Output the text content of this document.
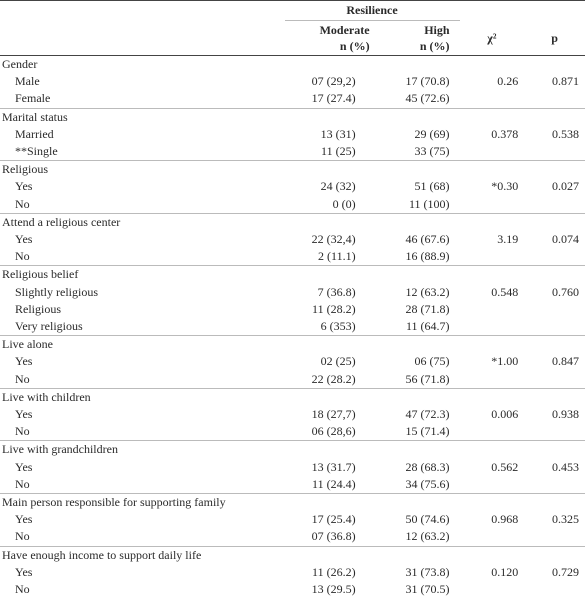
	Resilience			

	Moderate
n (%)	High
n (%)	χ²	p
Gender				
Male	07 (29,2)	17 (70.8)	0.26	0.871
Female	17 (27.4)	45 (72.6)		
Marital status				
Married	13 (31)	29 (69)	0.378	0.538
**Single	11 (25)	33 (75)		
Religious				
Yes	24 (32)	51 (68)	*0.30	0.027
No	0 (0)	11 (100)		
Attend a religious center				
Yes	22 (32,4)	46 (67.6)	3.19	0.074
No	2 (11.1)	16 (88.9)		
Religious belief				
Slightly religious	7 (36.8)	12 (63.2)	0.548	0.760
Religious	11 (28.2)	28 (71.8)		
Very religious	6 (353)	11 (64.7)		
Live alone				
Yes	02 (25)	06 (75)	*1.00	0.847
No	22 (28.2)	56 (71.8)		
Live with children				
Yes	18 (27,7)	47 (72.3)	0.006	0.938
No	06 (28,6)	15 (71.4)		
Live with grandchildren				
Yes	13 (31.7)	28 (68.3)	0.562	0.453
No	11 (24.4)	34 (75.6)		
Main person responsible for supporting family				
Yes	17 (25.4)	50 (74.6)	0.968	0.325
No	07 (36.8)	12 (63.2)		
Have enough income to support daily life				
Yes	11 (26.2)	31 (73.8)	0.120	0.729
No	13 (29.5)	31 (70.5)		
